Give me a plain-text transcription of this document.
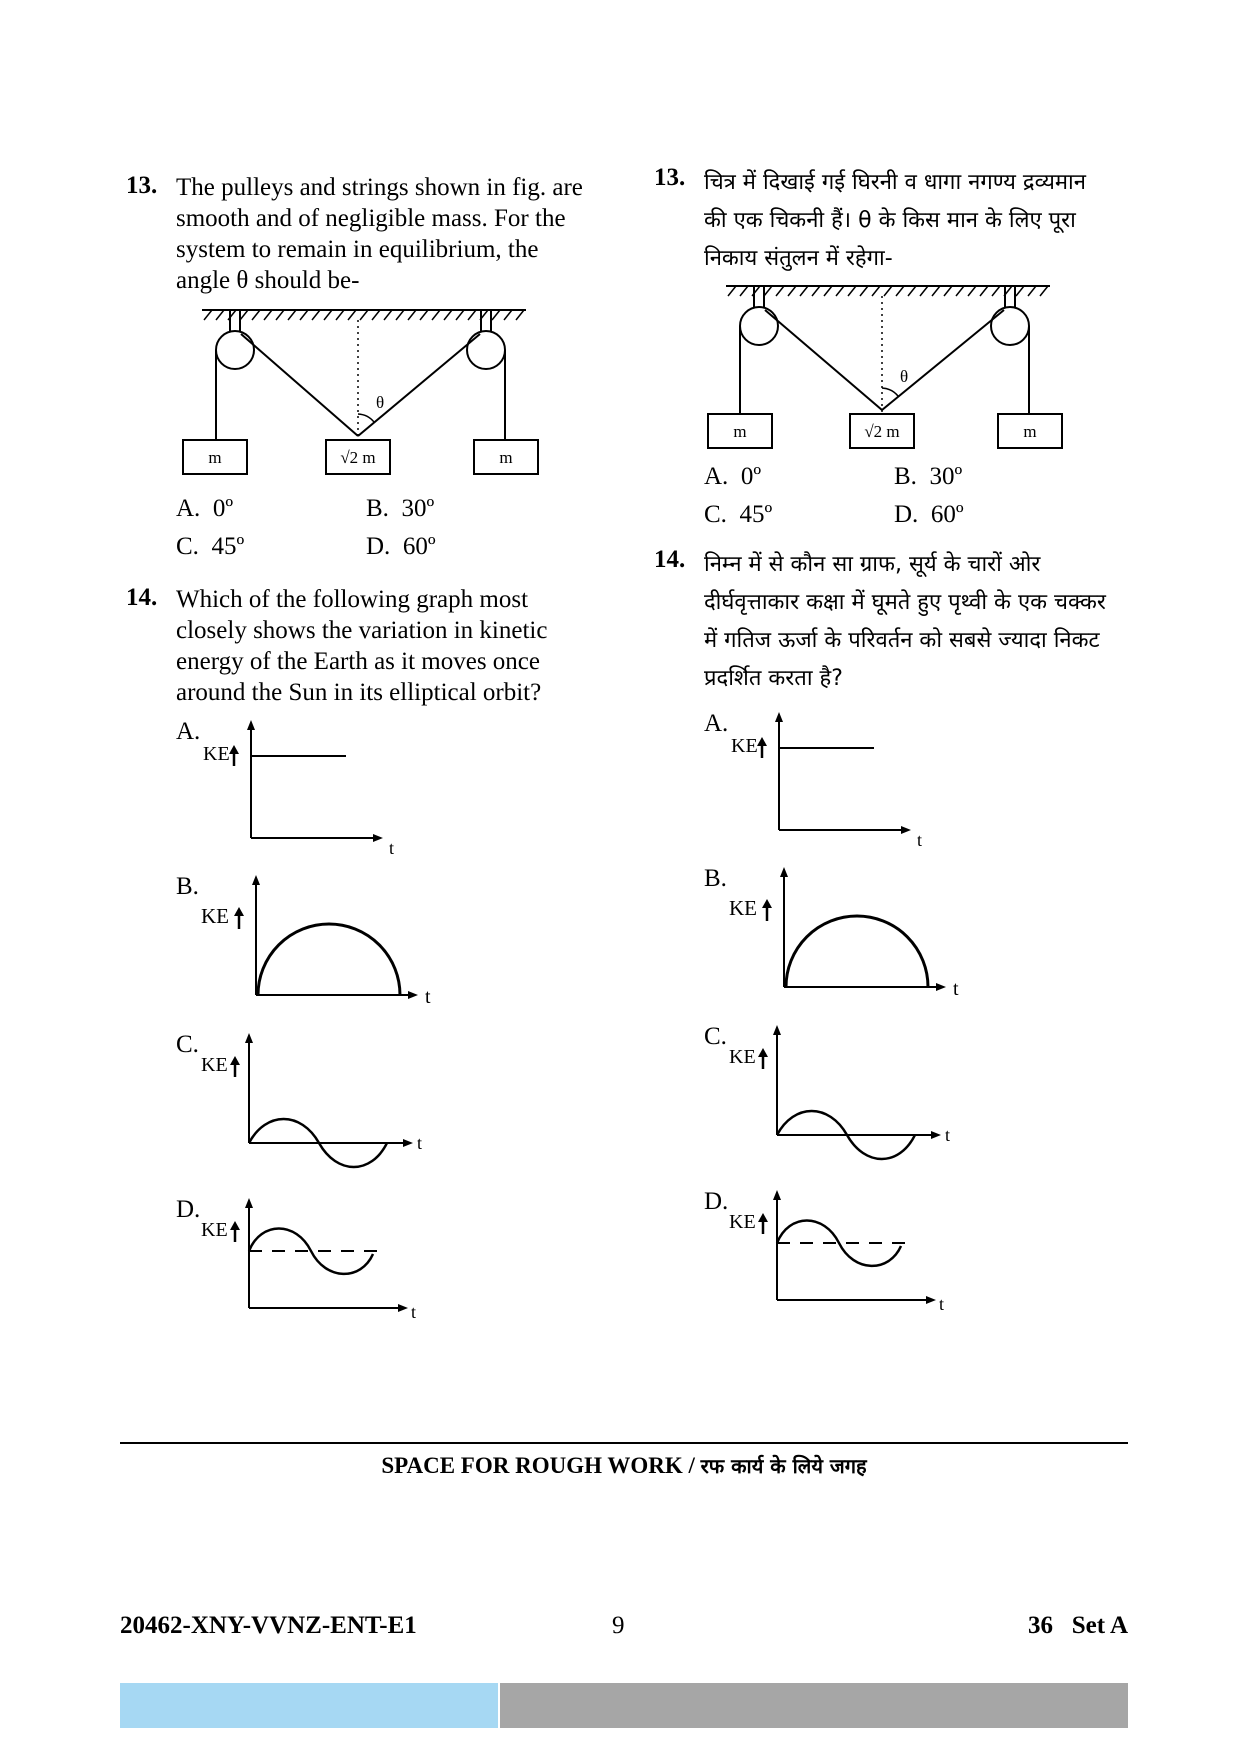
13. The pulleys and strings shown in fig. are smooth and of negligible mass. For the system to remain in equilibrium, the angle θ should be-
θ
m	√2 m	m
A. 0º	B. 30º
C. 45º	D. 60º
14. Which of the following graph most closely shows the variation in kinetic energy of the Earth as it moves once around the Sun in its elliptical orbit?
A.
KE
t
B.
KE
t
C.
KE
t
D.
KE
t
13. चित्र में दिखाई गई घिरनी व धागा नगण्य द्रव्यमान की एक चिकनी हैं। θ के किस मान के लिए पूरा निकाय संतुलन में रहेगा-
θ
m	√2 m	m
A. 0º	B. 30º
C. 45º	D. 60º
14. निम्न में से कौन सा ग्राफ, सूर्य के चारों ओर दीर्घवृत्ताकार कक्षा में घूमते हुए पृथ्वी के एक चक्कर में गतिज ऊर्जा के परिवर्तन को सबसे ज्यादा निकट प्रदर्शित करता है?
A.
KE
t
B.
KE
t
C.
KE
t
D.
KE
t
SPACE FOR ROUGH WORK / रफ कार्य के लिये जगह
20462-XNY-VVNZ-ENT-E1	9	36   Set A
